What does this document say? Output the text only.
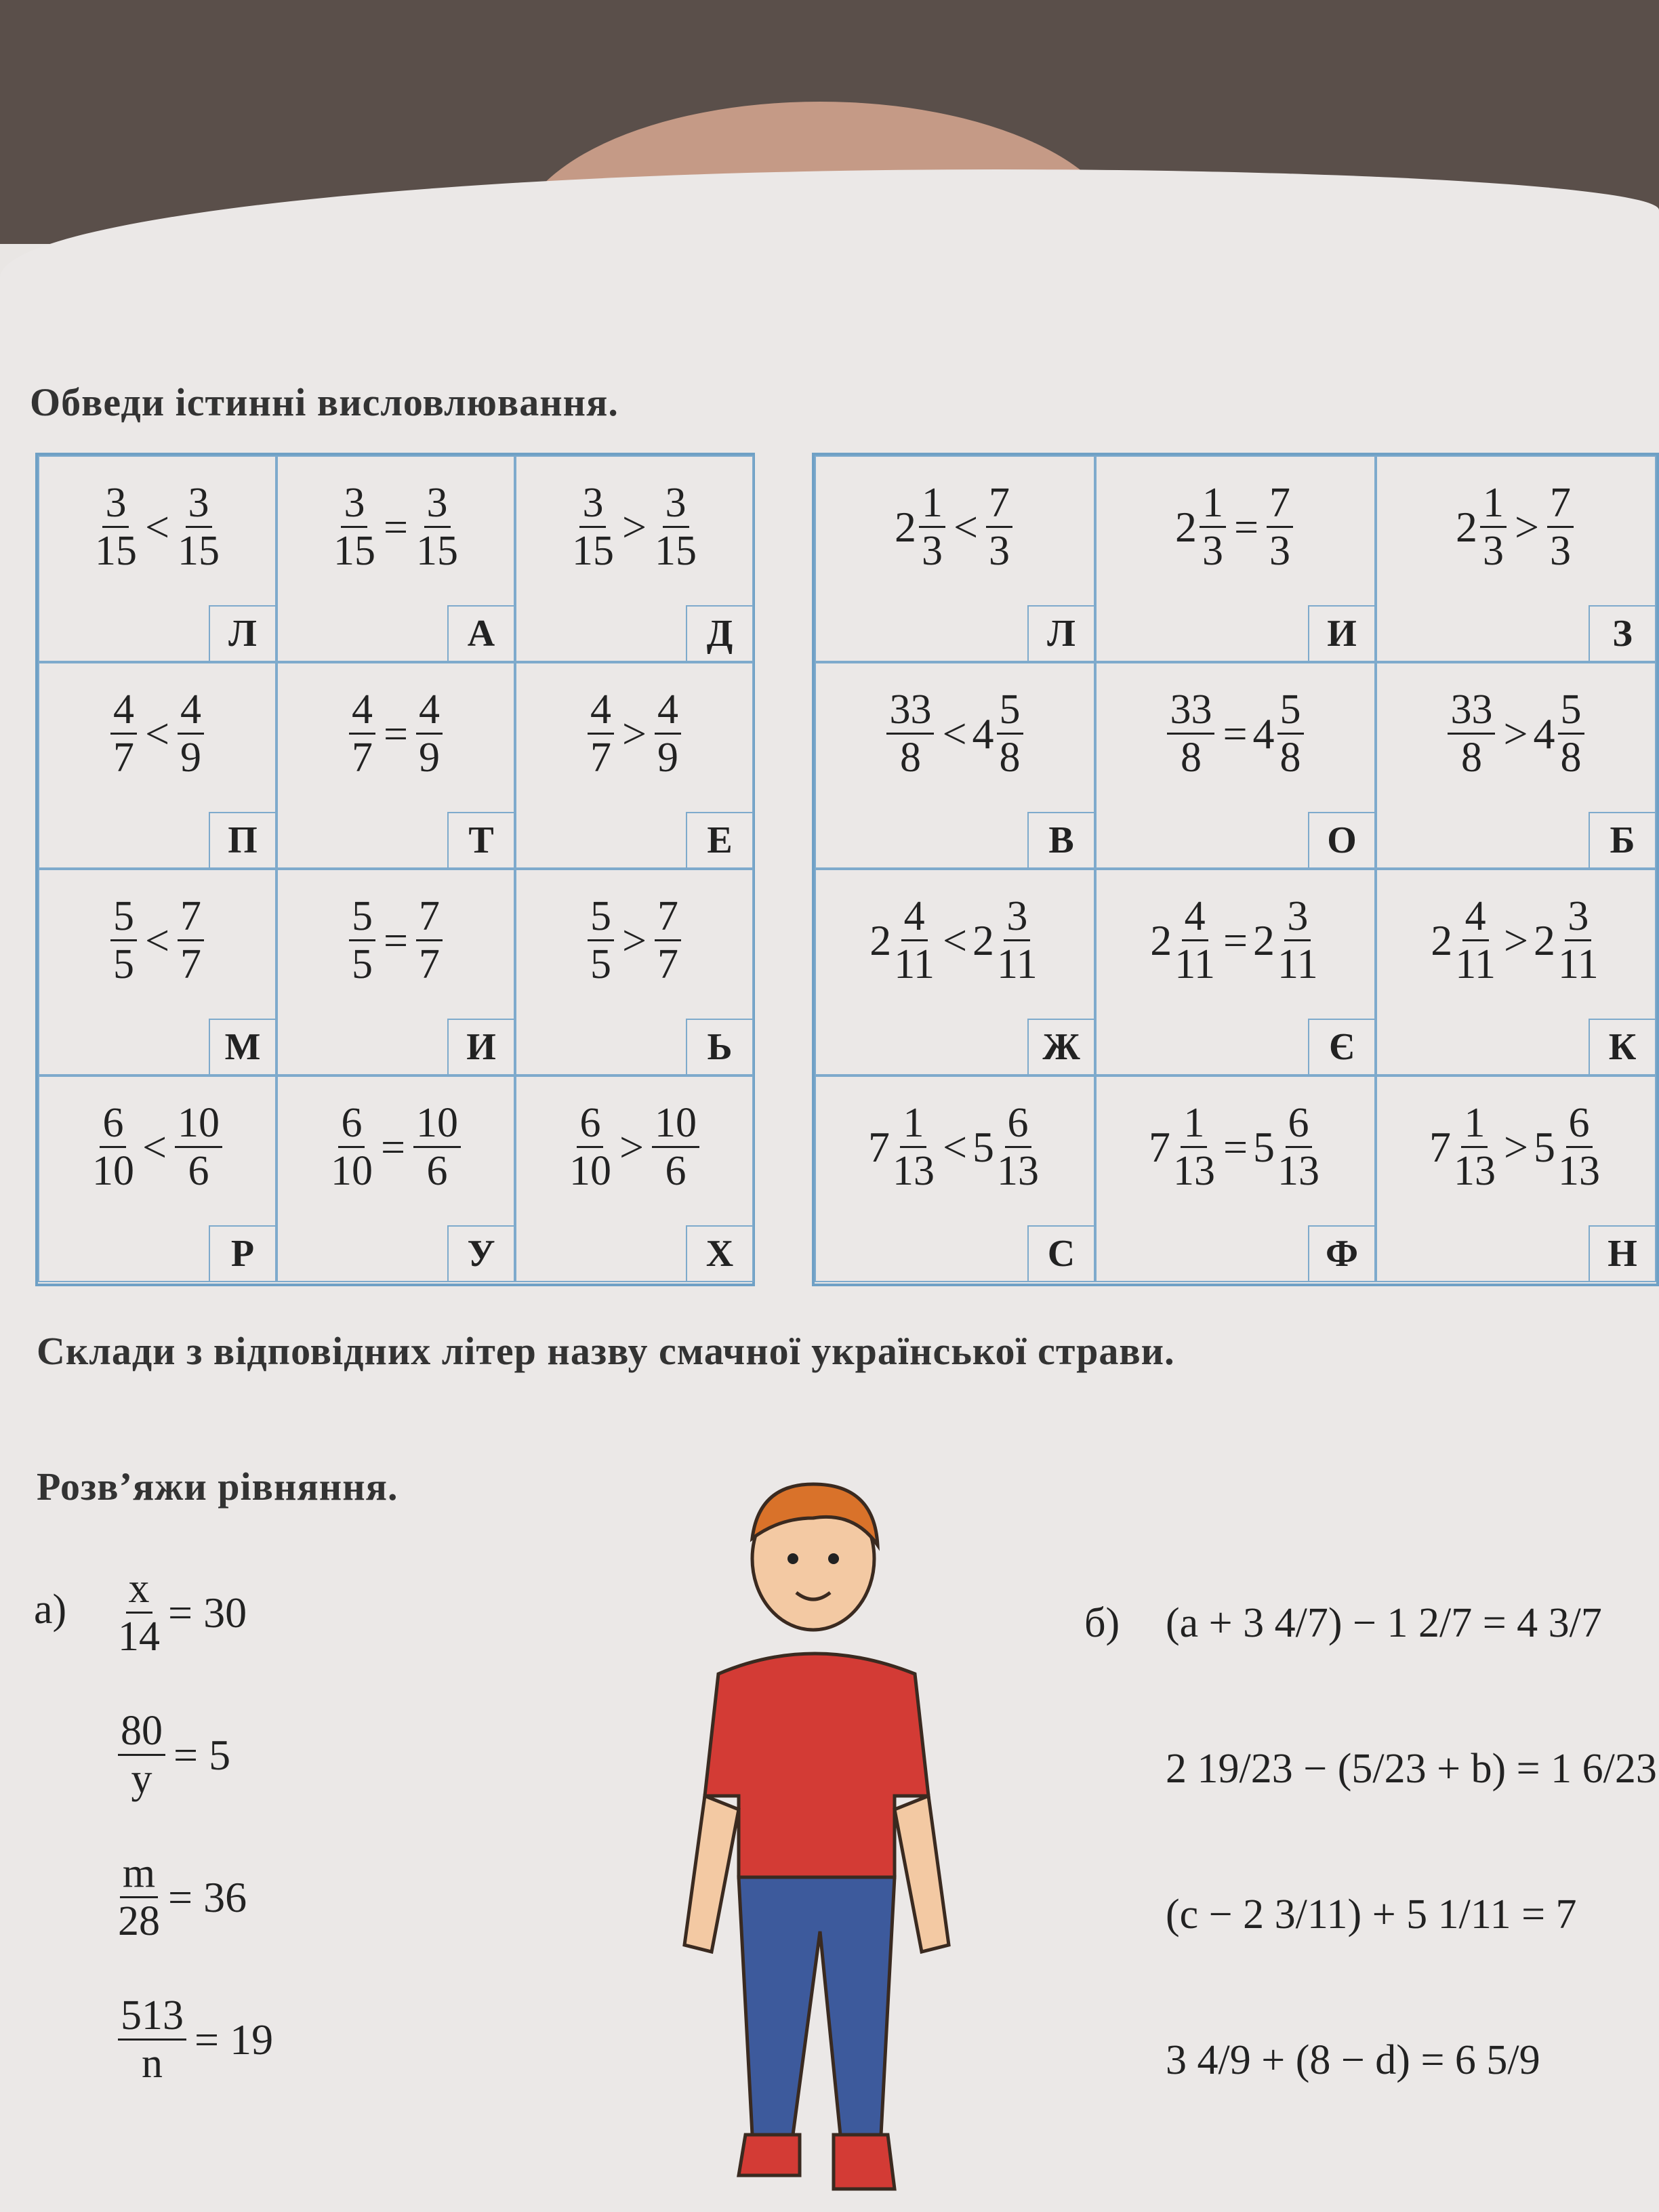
Обведи істинні висловлювання.
3
15
< 3
15
Л
$\frac{3}{15} = \frac{3}{15}$
А
3
15
> 3
15
Д
4
7
< 4
9
П
$\frac{4}{7} = \frac{4}{9}$
Т
4
7
> 4
9
Е
5
5
< 7
7
М
$\frac{5}{5} = \frac{7}{7}$
И
5
5
> 7
7
Ь
6
10
< 10
6
Р
$\frac{6}{10} = \frac{10}{6}$
У
6
10
> 10
6
Х
2 1
3
< 7
3
Л
$2 \frac{1}{3} = \frac{7}{3}$
И
2 1
3
> 7
3
З
33
8
< 4 5
8
В
$\frac{33}{8} = 4$ 5
8
О
33
8
> 4 5
8
Б
2 4
11
< 2 3
11
Ж
$2 \frac{4}{11} = 2$ 3
11
Є
2 4
11
> 2 3
11
К
7 1
13
< 5 6
13
С
$7 \frac{1}{13} = 5$ 6
13
Ф
7 1
13
> 5 6
13
Н
Склади з відповідних літер назву смачної української страви.
Розв’яжи рівняння.
$а) \frac{x}{14} = 30$
$\frac{80}{y} = 5$
$\frac{m}{28} = 36$
$\frac{513}{n} = 19$
б) (a + 3 4/7) − 1 2/7 = 4 3/7
2 19/23 − (5/23 + b) = 1 6/23
(c − 2 3/11) + 5 1/11 = 7
3 4/9 + (8 − d) = 6 5/9
